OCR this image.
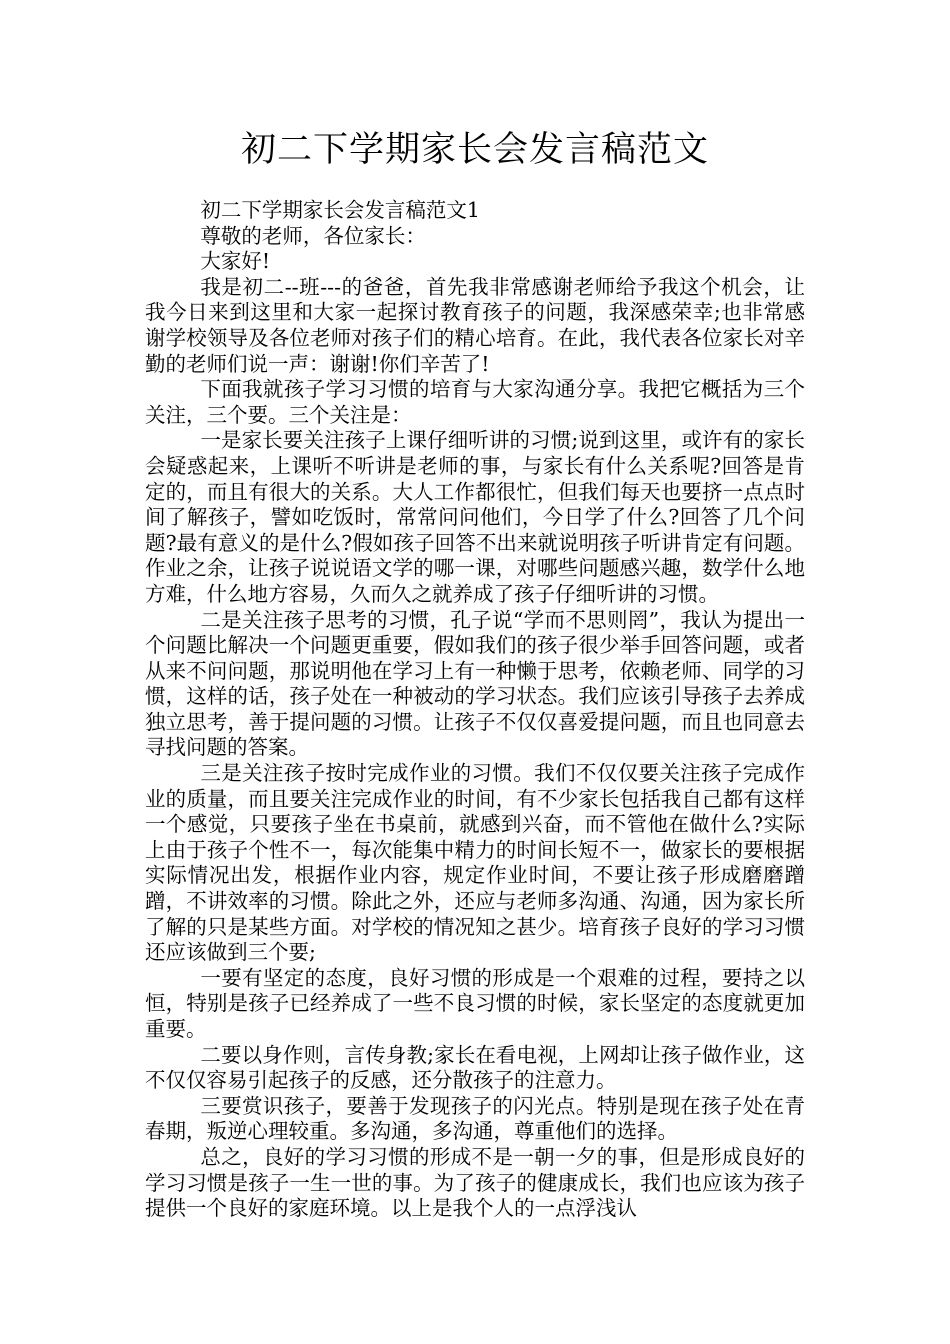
初二下学期家长会发言稿范文

初二下学期家长会发言稿范文1

尊敬的老师，各位家长：

大家好!

我是初二--班---的爸爸，首先我非常感谢老师给予我这个机会，让我今日来到这里和大家一起探讨教育孩子的问题，我深感荣幸;也非常感谢学校领导及各位老师对孩子们的精心培育。在此，我代表各位家长对辛勤的老师们说一声：谢谢!你们辛苦了!

下面我就孩子学习习惯的培育与大家沟通分享。我把它概括为三个关注，三个要。三个关注是：

一是家长要关注孩子上课仔细听讲的习惯;说到这里，或许有的家长会疑惑起来，上课听不听讲是老师的事，与家长有什么关系呢?回答是肯定的，而且有很大的关系。大人工作都很忙，但我们每天也要挤一点点时间了解孩子，譬如吃饭时，常常问问他们，今日学了什么?回答了几个问题?最有意义的是什么?假如孩子回答不出来就说明孩子听讲肯定有问题。作业之余，让孩子说说语文学的哪一课，对哪些问题感兴趣，数学什么地方难，什么地方容易，久而久之就养成了孩子仔细听讲的习惯。

二是关注孩子思考的习惯，孔子说“学而不思则罔”，我认为提出一个问题比解决一个问题更重要，假如我们的孩子很少举手回答问题，或者从来不问问题，那说明他在学习上有一种懒于思考，依赖老师、同学的习惯，这样的话，孩子处在一种被动的学习状态。我们应该引导孩子去养成独立思考，善于提问题的习惯。让孩子不仅仅喜爱提问题，而且也同意去寻找问题的答案。

三是关注孩子按时完成作业的习惯。我们不仅仅要关注孩子完成作业的质量，而且要关注完成作业的时间，有不少家长包括我自己都有这样一个感觉，只要孩子坐在书桌前，就感到兴奋，而不管他在做什么?实际上由于孩子个性不一，每次能集中精力的时间长短不一，做家长的要根据实际情况出发，根据作业内容，规定作业时间，不要让孩子形成磨磨蹭蹭，不讲效率的习惯。除此之外，还应与老师多沟通、沟通，因为家长所了解的只是某些方面。对学校的情况知之甚少。培育孩子良好的学习习惯还应该做到三个要;

一要有坚定的态度，良好习惯的形成是一个艰难的过程，要持之以恒，特别是孩子已经养成了一些不良习惯的时候，家长坚定的态度就更加重要。

二要以身作则，言传身教;家长在看电视，上网却让孩子做作业，这不仅仅容易引起孩子的反感，还分散孩子的注意力。

三要赏识孩子，要善于发现孩子的闪光点。特别是现在孩子处在青春期，叛逆心理较重。多沟通，多沟通，尊重他们的选择。

总之，良好的学习习惯的形成不是一朝一夕的事，但是形成良好的学习习惯是孩子一生一世的事。为了孩子的健康成长，我们也应该为孩子提供一个良好的家庭环境。以上是我个人的一点浮浅认
